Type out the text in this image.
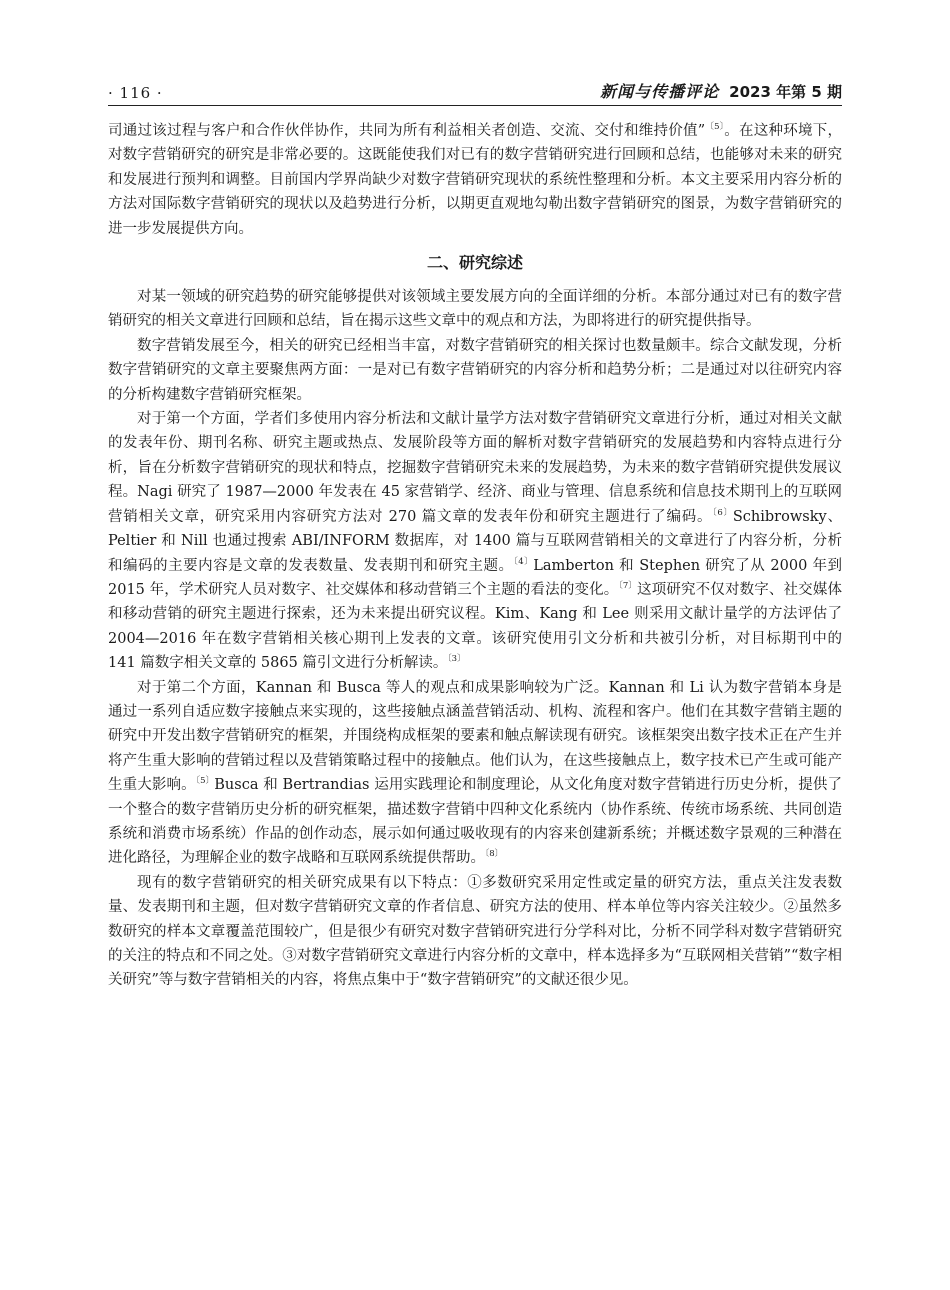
· 116 ·	新闻与传播评论 2023 年第 5 期

司通过该过程与客户和合作伙伴协作，共同为所有利益相关者创造、交流、交付和维持价值”$^{〔5〕}$。在这种环境下，对数字营销研究的研究是非常必要的。这既能使我们对已有的数字营销研究进行回顾和总结，也能够对未来的研究和发展进行预判和调整。目前国内学界尚缺少对数字营销研究现状的系统性整理和分析。本文主要采用内容分析的方法对国际数字营销研究的现状以及趋势进行分析，以期更直观地勾勒出数字营销研究的图景，为数字营销研究的进一步发展提供方向。

二、研究综述

对某一领域的研究趋势的研究能够提供对该领域主要发展方向的全面详细的分析。本部分通过对已有的数字营销研究的相关文章进行回顾和总结，旨在揭示这些文章中的观点和方法，为即将进行的研究提供指导。

数字营销发展至今，相关的研究已经相当丰富，对数字营销研究的相关探讨也数量颇丰。综合文献发现，分析数字营销研究的文章主要聚焦两方面：一是对已有数字营销研究的内容分析和趋势分析；二是通过对以往研究内容的分析构建数字营销研究框架。

对于第一个方面，学者们多使用内容分析法和文献计量学方法对数字营销研究文章进行分析，通过对相关文献的发表年份、期刊名称、研究主题或热点、发展阶段等方面的解析对数字营销研究的发展趋势和内容特点进行分析，旨在分析数字营销研究的现状和特点，挖掘数字营销研究未来的发展趋势，为未来的数字营销研究提供发展议程。Nagi 研究了 1987—2000 年发表在 45 家营销学、经济、商业与管理、信息系统和信息技术期刊上的互联网营销相关文章，研究采用内容研究方法对 270 篇文章的发表年份和研究主题进行了编码。$^{〔6〕}$Schibrowsky、Peltier 和 Nill 也通过搜索 ABI/INFORM 数据库，对 1400 篇与互联网营销相关的文章进行了内容分析，分析和编码的主要内容是文章的发表数量、发表期刊和研究主题。$^{〔4〕}$Lamberton 和 Stephen 研究了从 2000 年到 2015 年，学术研究人员对数字、社交媒体和移动营销三个主题的看法的变化。$^{〔7〕}$这项研究不仅对数字、社交媒体和移动营销的研究主题进行探索，还为未来提出研究议程。Kim、Kang 和 Lee 则采用文献计量学的方法评估了 2004—2016 年在数字营销相关核心期刊上发表的文章。该研究使用引文分析和共被引分析，对目标期刊中的 141 篇数字相关文章的 5865 篇引文进行分析解读。$^{〔3〕}$

对于第二个方面，Kannan 和 Busca 等人的观点和成果影响较为广泛。Kannan 和 Li 认为数字营销本身是通过一系列自适应数字接触点来实现的，这些接触点涵盖营销活动、机构、流程和客户。他们在其数字营销主题的研究中开发出数字营销研究的框架，并围绕构成框架的要素和触点解读现有研究。该框架突出数字技术正在产生并将产生重大影响的营销过程以及营销策略过程中的接触点。他们认为，在这些接触点上，数字技术已产生或可能产生重大影响。$^{〔5〕}$Busca 和 Bertrandias 运用实践理论和制度理论，从文化角度对数字营销进行历史分析，提供了一个整合的数字营销历史分析的研究框架，描述数字营销中四种文化系统内（协作系统、传统市场系统、共同创造系统和消费市场系统）作品的创作动态，展示如何通过吸收现有的内容来创建新系统；并概述数字景观的三种潜在进化路径，为理解企业的数字战略和互联网系统提供帮助。$^{〔8〕}$

现有的数字营销研究的相关研究成果有以下特点：①多数研究采用定性或定量的研究方法，重点关注发表数量、发表期刊和主题，但对数字营销研究文章的作者信息、研究方法的使用、样本单位等内容关注较少。②虽然多数研究的样本文章覆盖范围较广，但是很少有研究对数字营销研究进行分学科对比，分析不同学科对数字营销研究的关注的特点和不同之处。③对数字营销研究文章进行内容分析的文章中，样本选择多为“互联网相关营销”“数字相关研究”等与数字营销相关的内容，将焦点集中于“数字营销研究”的文献还很少见。
